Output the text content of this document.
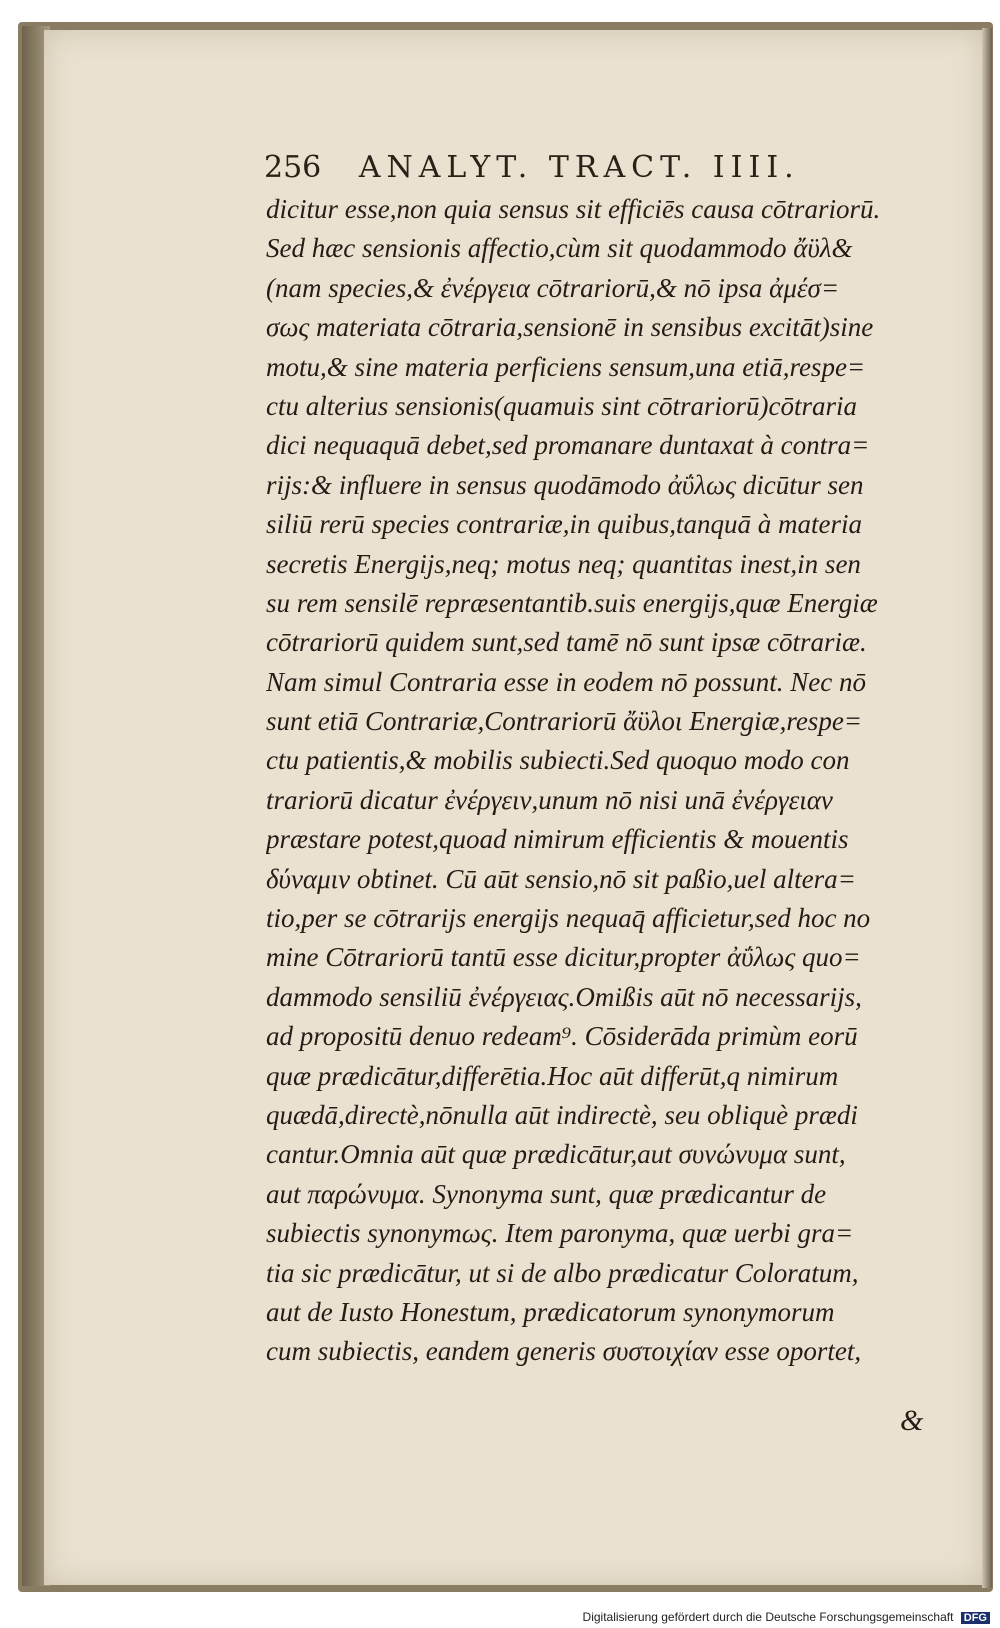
256 ANALYT. TRACT. IIII.
dicitur esse,non quia sensus sit efficiēs causa cōtrariorū.
Sed hæc sensionis affectio,cùm sit quodammodo ἄϋλ&
(nam species,& ἐνέργεια cōtrariorū,& nō ipsa ἀμέσ=
σως materiata cōtraria,sensionē in sensibus excitāt)sine
motu,& sine materia perficiens sensum,una etiā,respe=
ctu alterius sensionis(quamuis sint cōtrariorū)cōtraria
dici nequaquā debet,sed promanare duntaxat à contra=
rijs:& influere in sensus quodāmodo ἀΰλως dicūtur sen
siliū rerū species contrariæ,in quibus,tanquā à materia
secretis Energijs,neq; motus neq; quantitas inest,in sen
su rem sensilē repræsentantib.suis energijs,quæ Energiæ
cōtrariorū quidem sunt,sed tamē nō sunt ipsæ cōtrariæ.
Nam simul Contraria esse in eodem nō possunt. Nec nō
sunt etiā Contrariæ,Contrariorū ἄϋλοι Energiæ,respe=
ctu patientis,& mobilis subiecti.Sed quoquo modo con
trariorū dicatur ἐνέργειν,unum nō nisi unā ἐνέργειαν
præstare potest,quoad nimirum efficientis & mouentis
δύναμιν obtinet. Cū aūt sensio,nō sit paßio,uel altera=
tio,per se cōtrarijs energijs nequaq̄ afficietur,sed hoc no
mine Cōtrariorū tantū esse dicitur,propter ἀΰλως quo=
dammodo sensiliū ἐνέργειας.Omißis aūt nō necessarijs,
ad propositū denuo redeam⁹. Cōsiderāda primùm eorū
quæ prædicātur,differētia.Hoc aūt differūt,q nimirum
quædā,directè,nōnulla aūt indirectè, seu obliquè prædi
cantur.Omnia aūt quæ prædicātur,aut συνώνυμα sunt,
aut παρώνυμα. Synonyma sunt, quæ prædicantur de
subiectis synonymως. Item paronyma, quæ uerbi gra=
tia sic prædicātur, ut si de albo prædicatur Coloratum,
aut de Iusto Honestum, prædicatorum synonymorum
cum subiectis, eandem generis συστοιχίαν esse oportet,
&
Digitalisierung gefördert durch die Deutsche Forschungsgemeinschaft DFG
